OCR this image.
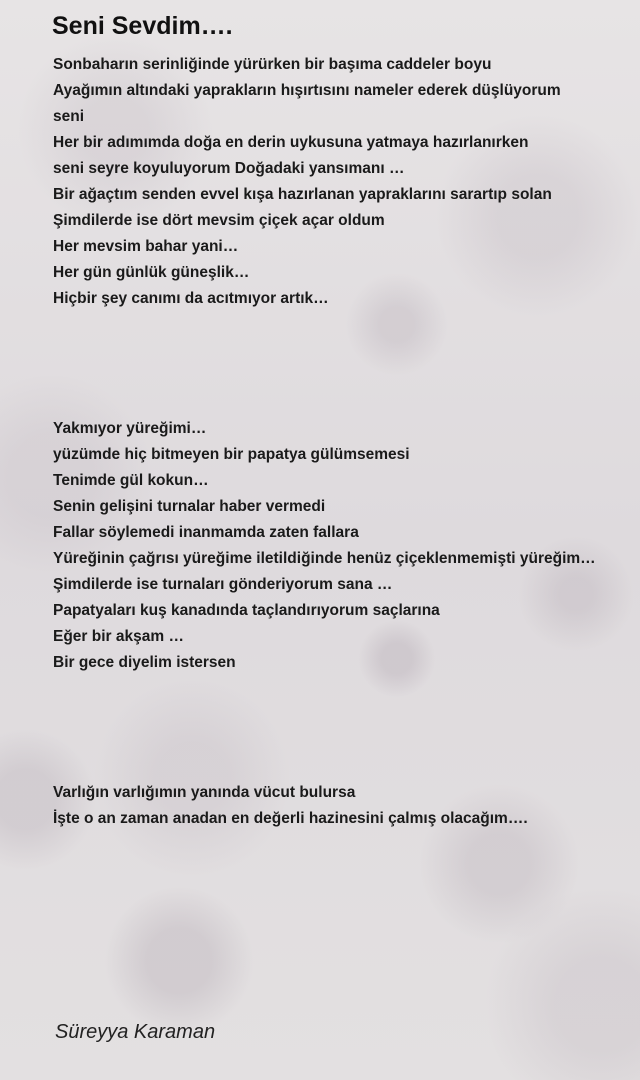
Seni Sevdim….

Sonbaharın serinliğinde yürürken bir başıma caddeler boyu
Ayağımın altındaki yaprakların hışırtısını nameler ederek düşlüyorum
seni
Her bir adımımda doğa en derin uykusuna yatmaya hazırlanırken
seni seyre koyuluyorum Doğadaki yansımanı …
Bir ağaçtım senden evvel kışa hazırlanan yapraklarını sarartıp solan
Şimdilerde ise dört mevsim çiçek açar oldum
Her mevsim bahar yani…
Her gün günlük güneşlik…
Hiçbir şey canımı da acıtmıyor artık…

Yakmıyor yüreğimi…
yüzümde hiç bitmeyen bir papatya gülümsemesi
Tenimde gül kokun…
Senin gelişini turnalar haber vermedi
Fallar söylemedi inanmamda zaten fallara
Yüreğinin çağrısı yüreğime iletildiğinde henüz çiçeklenmemişti yüreğim…
Şimdilerde ise turnaları gönderiyorum sana …
Papatyaları kuş kanadında taçlandırıyorum saçlarına
Eğer bir akşam …
Bir gece diyelim istersen

Varlığın varlığımın yanında vücut bulursa
İşte o an zaman anadan en değerli hazinesini çalmış olacağım….

Süreyya Karaman
